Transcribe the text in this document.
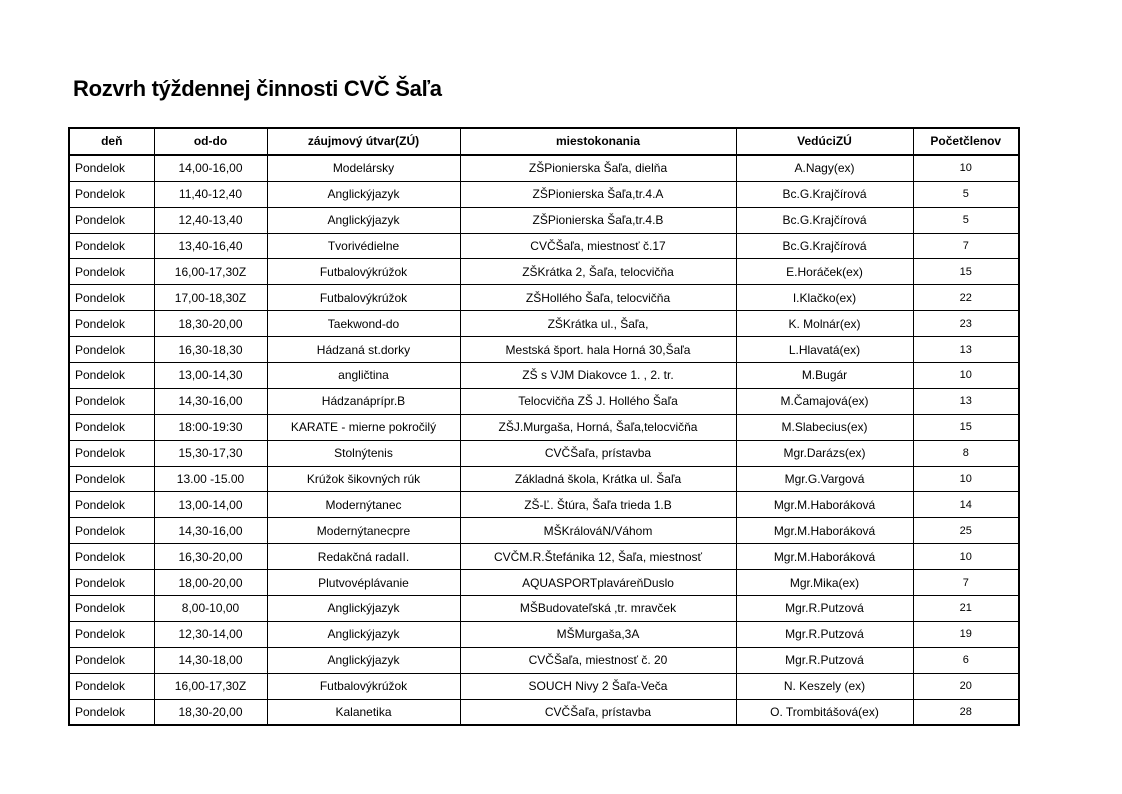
Rozvrh týždennej činnosti CVČ Šaľa
deň	od-do	záujmový útvar(ZÚ)	miestokonania	VedúciZÚ	Početčlenov
Pondelok	14,00-16,00	Modelársky	ZŠPionierska Šaľa, dielňa	A.Nagy(ex)	10
Pondelok	11,40-12,40	Anglickýjazyk	ZŠPionierska Šaľa,tr.4.A	Bc.G.Krajčírová	5
Pondelok	12,40-13,40	Anglickýjazyk	ZŠPionierska Šaľa,tr.4.B	Bc.G.Krajčírová	5
Pondelok	13,40-16,40	Tvorivédielne	CVČŠaľa, miestnosť č.17	Bc.G.Krajčírová	7
Pondelok	16,00-17,30Z	Futbalovýkrúžok	ZŠKrátka 2, Šaľa, telocvičňa	E.Horáček(ex)	15
Pondelok	17,00-18,30Z	Futbalovýkrúžok	ZŠHollého Šaľa, telocvičňa	I.Klačko(ex)	22
Pondelok	18,30-20,00	Taekwond-do	ZŠKrátka ul., Šaľa,	K. Molnár(ex)	23
Pondelok	16,30-18,30	Hádzaná st.dorky	Mestská šport. hala Horná 30,Šaľa	L.Hlavatá(ex)	13
Pondelok	13,00-14,30	angličtina	ZŠ s VJM Diakovce 1. , 2. tr.	M.Bugár	10
Pondelok	14,30-16,00	Hádzanáprípr.B	Telocvičňa ZŠ J. Hollého Šaľa	M.Čamajová(ex)	13
Pondelok	18:00-19:30	KARATE - mierne pokročilý	ZŠJ.Murgaša, Horná, Šaľa,telocvičňa	M.Slabecius(ex)	15
Pondelok	15,30-17,30	Stolnýtenis	CVČŠaľa, prístavba	Mgr.Darázs(ex)	8
Pondelok	13.00 -15.00	Krúžok šikovných rúk	Základná škola, Krátka ul. Šaľa	Mgr.G.Vargová	10
Pondelok	13,00-14,00	Modernýtanec	ZŠ-Ľ. Štúra, Šaľa trieda 1.B	Mgr.M.Haboráková	14
Pondelok	14,30-16,00	Modernýtanecpre	MŠKrálováN/Váhom	Mgr.M.Haboráková	25
Pondelok	16,30-20,00	Redakčná radaII.	CVČM.R.Štefánika 12, Šaľa, miestnosť	Mgr.M.Haboráková	10
Pondelok	18,00-20,00	Plutvovéplávanie	AQUASPORTplaváreňDuslo	Mgr.Mika(ex)	7
Pondelok	8,00-10,00	Anglickýjazyk	MŠBudovateľská ,tr. mravček	Mgr.R.Putzová	21
Pondelok	12,30-14,00	Anglickýjazyk	MŠMurgaša,3A	Mgr.R.Putzová	19
Pondelok	14,30-18,00	Anglickýjazyk	CVČŠaľa, miestnosť č. 20	Mgr.R.Putzová	6
Pondelok	16,00-17,30Z	Futbalovýkrúžok	SOUCH Nivy 2 Šaľa-Veča	N. Keszely (ex)	20
Pondelok	18,30-20,00	Kalanetika	CVČŠaľa, prístavba	O. Trombitášová(ex)	28
